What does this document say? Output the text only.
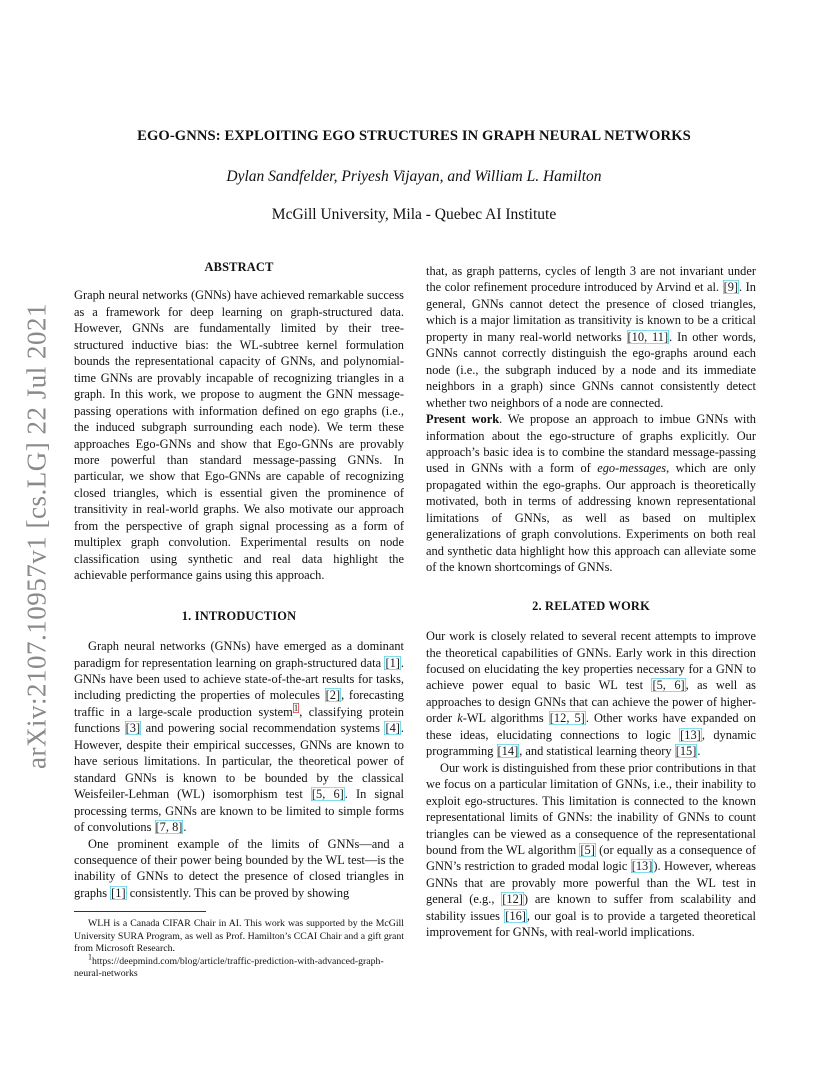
arXiv:2107.10957v1 [cs.LG] 22 Jul 2021
EGO-GNNS: EXPLOITING EGO STRUCTURES IN GRAPH NEURAL NETWORKS
Dylan Sandfelder, Priyesh Vijayan, and William L. Hamilton
McGill University, Mila - Quebec AI Institute
ABSTRACT

Graph neural networks (GNNs) have achieved remarkable success as a framework for deep learning on graph-structured data. However, GNNs are fundamentally limited by their tree-structured inductive bias: the WL-subtree kernel formulation bounds the representational capacity of GNNs, and polynomial-time GNNs are provably incapable of recognizing triangles in a graph. In this work, we propose to augment the GNN message-passing operations with information defined on ego graphs (i.e., the induced subgraph surrounding each node). We term these approaches Ego-GNNs and show that Ego-GNNs are provably more powerful than standard message-passing GNNs. In particular, we show that Ego-GNNs are capable of recognizing closed triangles, which is essential given the prominence of transitivity in real-world graphs. We also motivate our approach from the perspective of graph signal processing as a form of multiplex graph convolution. Experimental results on node classification using synthetic and real data highlight the achievable performance gains using this approach.

1. INTRODUCTION

Graph neural networks (GNNs) have emerged as a dominant paradigm for representation learning on graph-structured data [1]. GNNs have been used to achieve state-of-the-art results for tasks, including predicting the properties of molecules [2], forecasting traffic in a large-scale production system$^1$, classifying protein functions [3] and powering social recommendation systems [4]. However, despite their empirical successes, GNNs are known to have serious limitations. In particular, the theoretical power of standard GNNs is known to be bounded by the classical Weisfeiler-Lehman (WL) isomorphism test [5, 6]. In signal processing terms, GNNs are known to be limited to simple forms of convolutions [7, 8].

One prominent example of the limits of GNNs—and a consequence of their power being bounded by the WL test—is the inability of GNNs to detect the presence of closed triangles in graphs [1] consistently. This can be proved by showing

WLH is a Canada CIFAR Chair in AI. This work was supported by the McGill University SURA Program, as well as Prof. Hamilton’s CCAI Chair and a gift grant from Microsoft Research.

$^1$https://deepmind.com/blog/article/traffic-prediction-with-advanced-graph-neural-networks

that, as graph patterns, cycles of length 3 are not invariant under the color refinement procedure introduced by Arvind et al. [9]. In general, GNNs cannot detect the presence of closed triangles, which is a major limitation as transitivity is known to be a critical property in many real-world networks [10, 11]. In other words, GNNs cannot correctly distinguish the ego-graphs around each node (i.e., the subgraph induced by a node and its immediate neighbors in a graph) since GNNs cannot consistently detect whether two neighbors of a node are connected.

Present work. We propose an approach to imbue GNNs with information about the ego-structure of graphs explicitly. Our approach’s basic idea is to combine the standard message-passing used in GNNs with a form of ego-messages, which are only propagated within the ego-graphs. Our approach is theoretically motivated, both in terms of addressing known representational limitations of GNNs, as well as based on multiplex generalizations of graph convolutions. Experiments on both real and synthetic data highlight how this approach can alleviate some of the known shortcomings of GNNs.

2. RELATED WORK

Our work is closely related to several recent attempts to improve the theoretical capabilities of GNNs. Early work in this direction focused on elucidating the key properties necessary for a GNN to achieve power equal to basic WL test [5, 6], as well as approaches to design GNNs that can achieve the power of higher-order k-WL algorithms [12, 5]. Other works have expanded on these ideas, elucidating connections to logic [13], dynamic programming [14], and statistical learning theory [15].

Our work is distinguished from these prior contributions in that we focus on a particular limitation of GNNs, i.e., their inability to exploit ego-structures. This limitation is connected to the known representational limits of GNNs: the inability of GNNs to count triangles can be viewed as a consequence of the representational bound from the WL algorithm [5] (or equally as a consequence of GNN’s restriction to graded modal logic [13]). However, whereas GNNs that are provably more powerful than the WL test in general (e.g., [12]) are known to suffer from scalability and stability issues [16], our goal is to provide a targeted theoretical improvement for GNNs, with real-world implications.
